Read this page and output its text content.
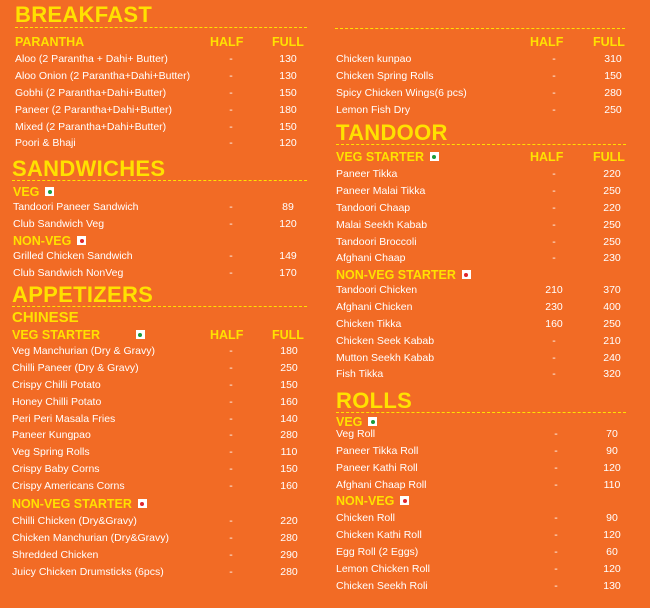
BREAKFAST
PARANTHA	HALF FULL
Aloo (2 Parantha + Dahi+ Butter)	-	130
Aloo Onion (2 Parantha+Dahi+Butter)	-	130
Gobhi (2 Parantha+Dahi+Butter)	-	150
Paneer (2 Parantha+Dahi+Butter)	-	180
Mixed (2 Parantha+Dahi+Butter)	-	150
Poori & Bhaji	-	120
SANDWICHES
VEG
Tandoori Paneer Sandwich	-	89
Club Sandwich Veg	-	120
NON-VEG
Grilled Chicken Sandwich	-	149
Club Sandwich NonVeg	-	170
APPETIZERS
CHINESE
VEG STARTER	HALF FULL
Veg Manchurian (Dry & Gravy)	-	180
Chilli Paneer (Dry & Gravy)	-	250
Crispy Chilli Potato	-	150
Honey Chilli Potato	-	160
Peri Peri Masala Fries	-	140
Paneer Kungpao	-	280
Veg Spring Rolls	-	110
Crispy Baby Corns	-	150
Crispy Americans Corns	-	160
NON-VEG STARTER
Chilli Chicken (Dry&Gravy)	-	220
Chicken Manchurian (Dry&Gravy)	-	280
Shredded Chicken	-	290
Juicy Chicken Drumsticks (6pcs)	-	280
HALF FULL
Chicken kunpao	-	310
Chicken Spring Rolls	-	150
Spicy Chicken Wings(6 pcs)	-	280
Lemon Fish Dry	-	250
TANDOOR
VEG STARTER	HALF FULL
Paneer Tikka	-	220
Paneer Malai Tikka	-	250
Tandoori Chaap	-	220
Malai Seekh Kabab	-	250
Tandoori Broccoli	-	250
Afghani Chaap	-	230
NON-VEG STARTER
Tandoori Chicken	210	370
Afghani Chicken	230	400
Chicken Tikka	160	250
Chicken Seek Kabab	-	210
Mutton Seekh Kabab	-	240
Fish Tikka	-	320
ROLLS
VEG
Veg Roll	-	70
Paneer Tikka Roll	-	90
Paneer Kathi Roll	-	120
Afghani Chaap Roll	-	110
NON-VEG
Chicken Roll	-	90
Chicken Kathi Roll	-	120
Egg Roll (2 Eggs)	-	60
Lemon Chicken Roll	-	120
Chicken Seekh Roli	-	130
